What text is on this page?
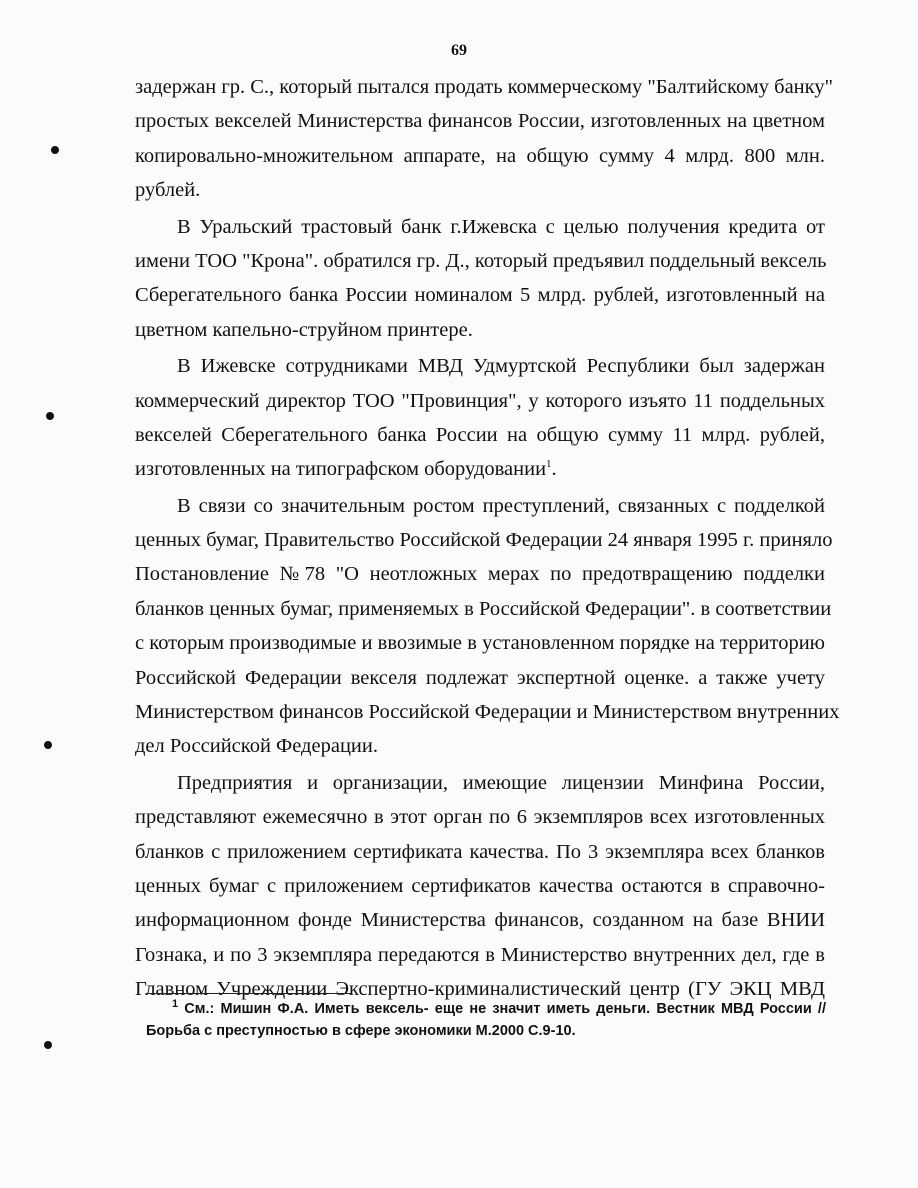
69
задержан гр. С., который пытался продать коммерческому "Балтийскому банку"
простых векселей Министерства финансов России, изготовленных на цветном
копировально-множительном аппарате, на общую сумму 4 млрд. 800 млн.
рублей.
В Уральский трастовый банк г.Ижевска с целью получения кредита от
имени ТОО "Крона". обратился гр. Д., который предъявил поддельный вексель
Сберегательного банка России номиналом 5 млрд. рублей, изготовленный на
цветном капельно-струйном принтере.
В Ижевске сотрудниками МВД Удмуртской Республики был задержан
коммерческий директор ТОО "Провинция", у которого изъято 11 поддельных
векселей Сберегательного банка России на общую сумму 11 млрд. рублей,
изготовленных на типографском оборудовании$^1$.
В связи со значительным ростом преступлений, связанных с подделкой
ценных бумаг, Правительство Российской Федерации 24 января 1995 г. приняло
Постановление №78 "О неотложных мерах по предотвращению подделки
бланков ценных бумаг, применяемых в Российской Федерации". в соответствии
с которым производимые и ввозимые в установленном порядке на территорию
Российской Федерации векселя подлежат экспертной оценке. а также учету
Министерством финансов Российской Федерации и Министерством внутренних
дел Российской Федерации.
Предприятия и организации, имеющие лицензии Минфина России,
представляют ежемесячно в этот орган по 6 экземпляров всех изготовленных
бланков с приложением сертификата качества. По 3 экземпляра всех бланков
ценных бумаг с приложением сертификатов качества остаются в справочно-
информационном фонде Министерства финансов, созданном на базе ВНИИ
Гознака, и по 3 экземпляра передаются в Министерство внутренних дел, где в
Главном Учреждении Экспертно-криминалистический центр (ГУ ЭКЦ МВД
$^1$ См.: Мишин Ф.А. Иметь вексель- еще не значит иметь деньги. Вестник МВД России //
Борьба с преступностью в сфере экономики М.2000 С.9-10.
